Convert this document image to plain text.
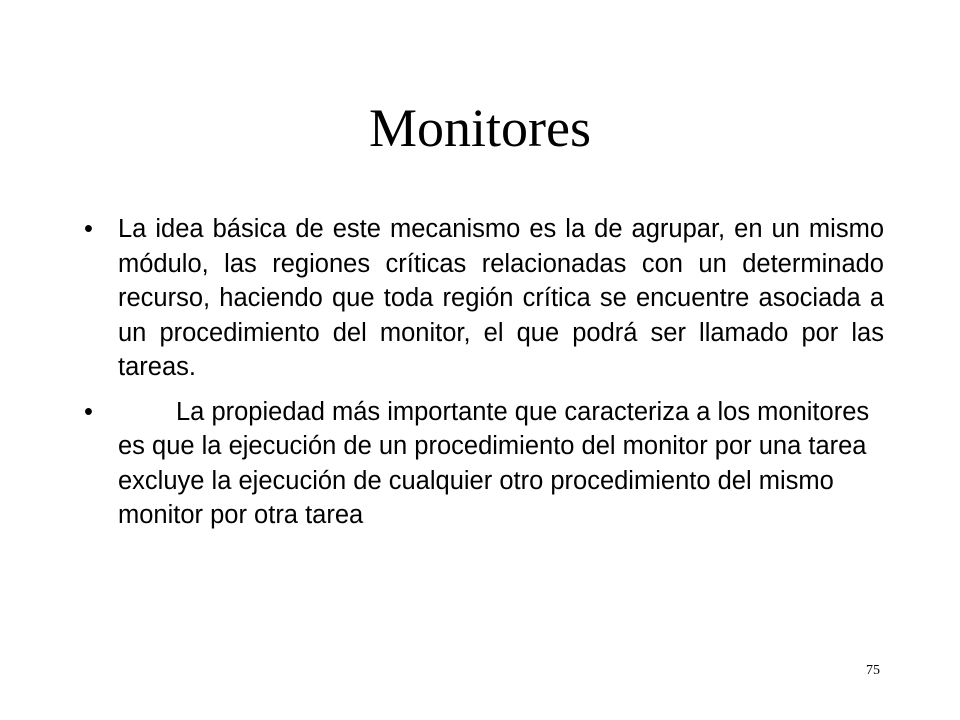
Monitores
• La idea básica de este mecanismo es la de agrupar, en un mismo módulo, las regiones críticas relacionadas con un determinado recurso, haciendo que toda región crítica se encuentre asociada a un procedimiento del monitor, el que podrá ser llamado por las tareas.
•	La propiedad más importante que caracteriza a los monitores es que la ejecución de un procedimiento del monitor por una tarea excluye la ejecución de cualquier otro procedimiento del mismo monitor por otra tarea
75
